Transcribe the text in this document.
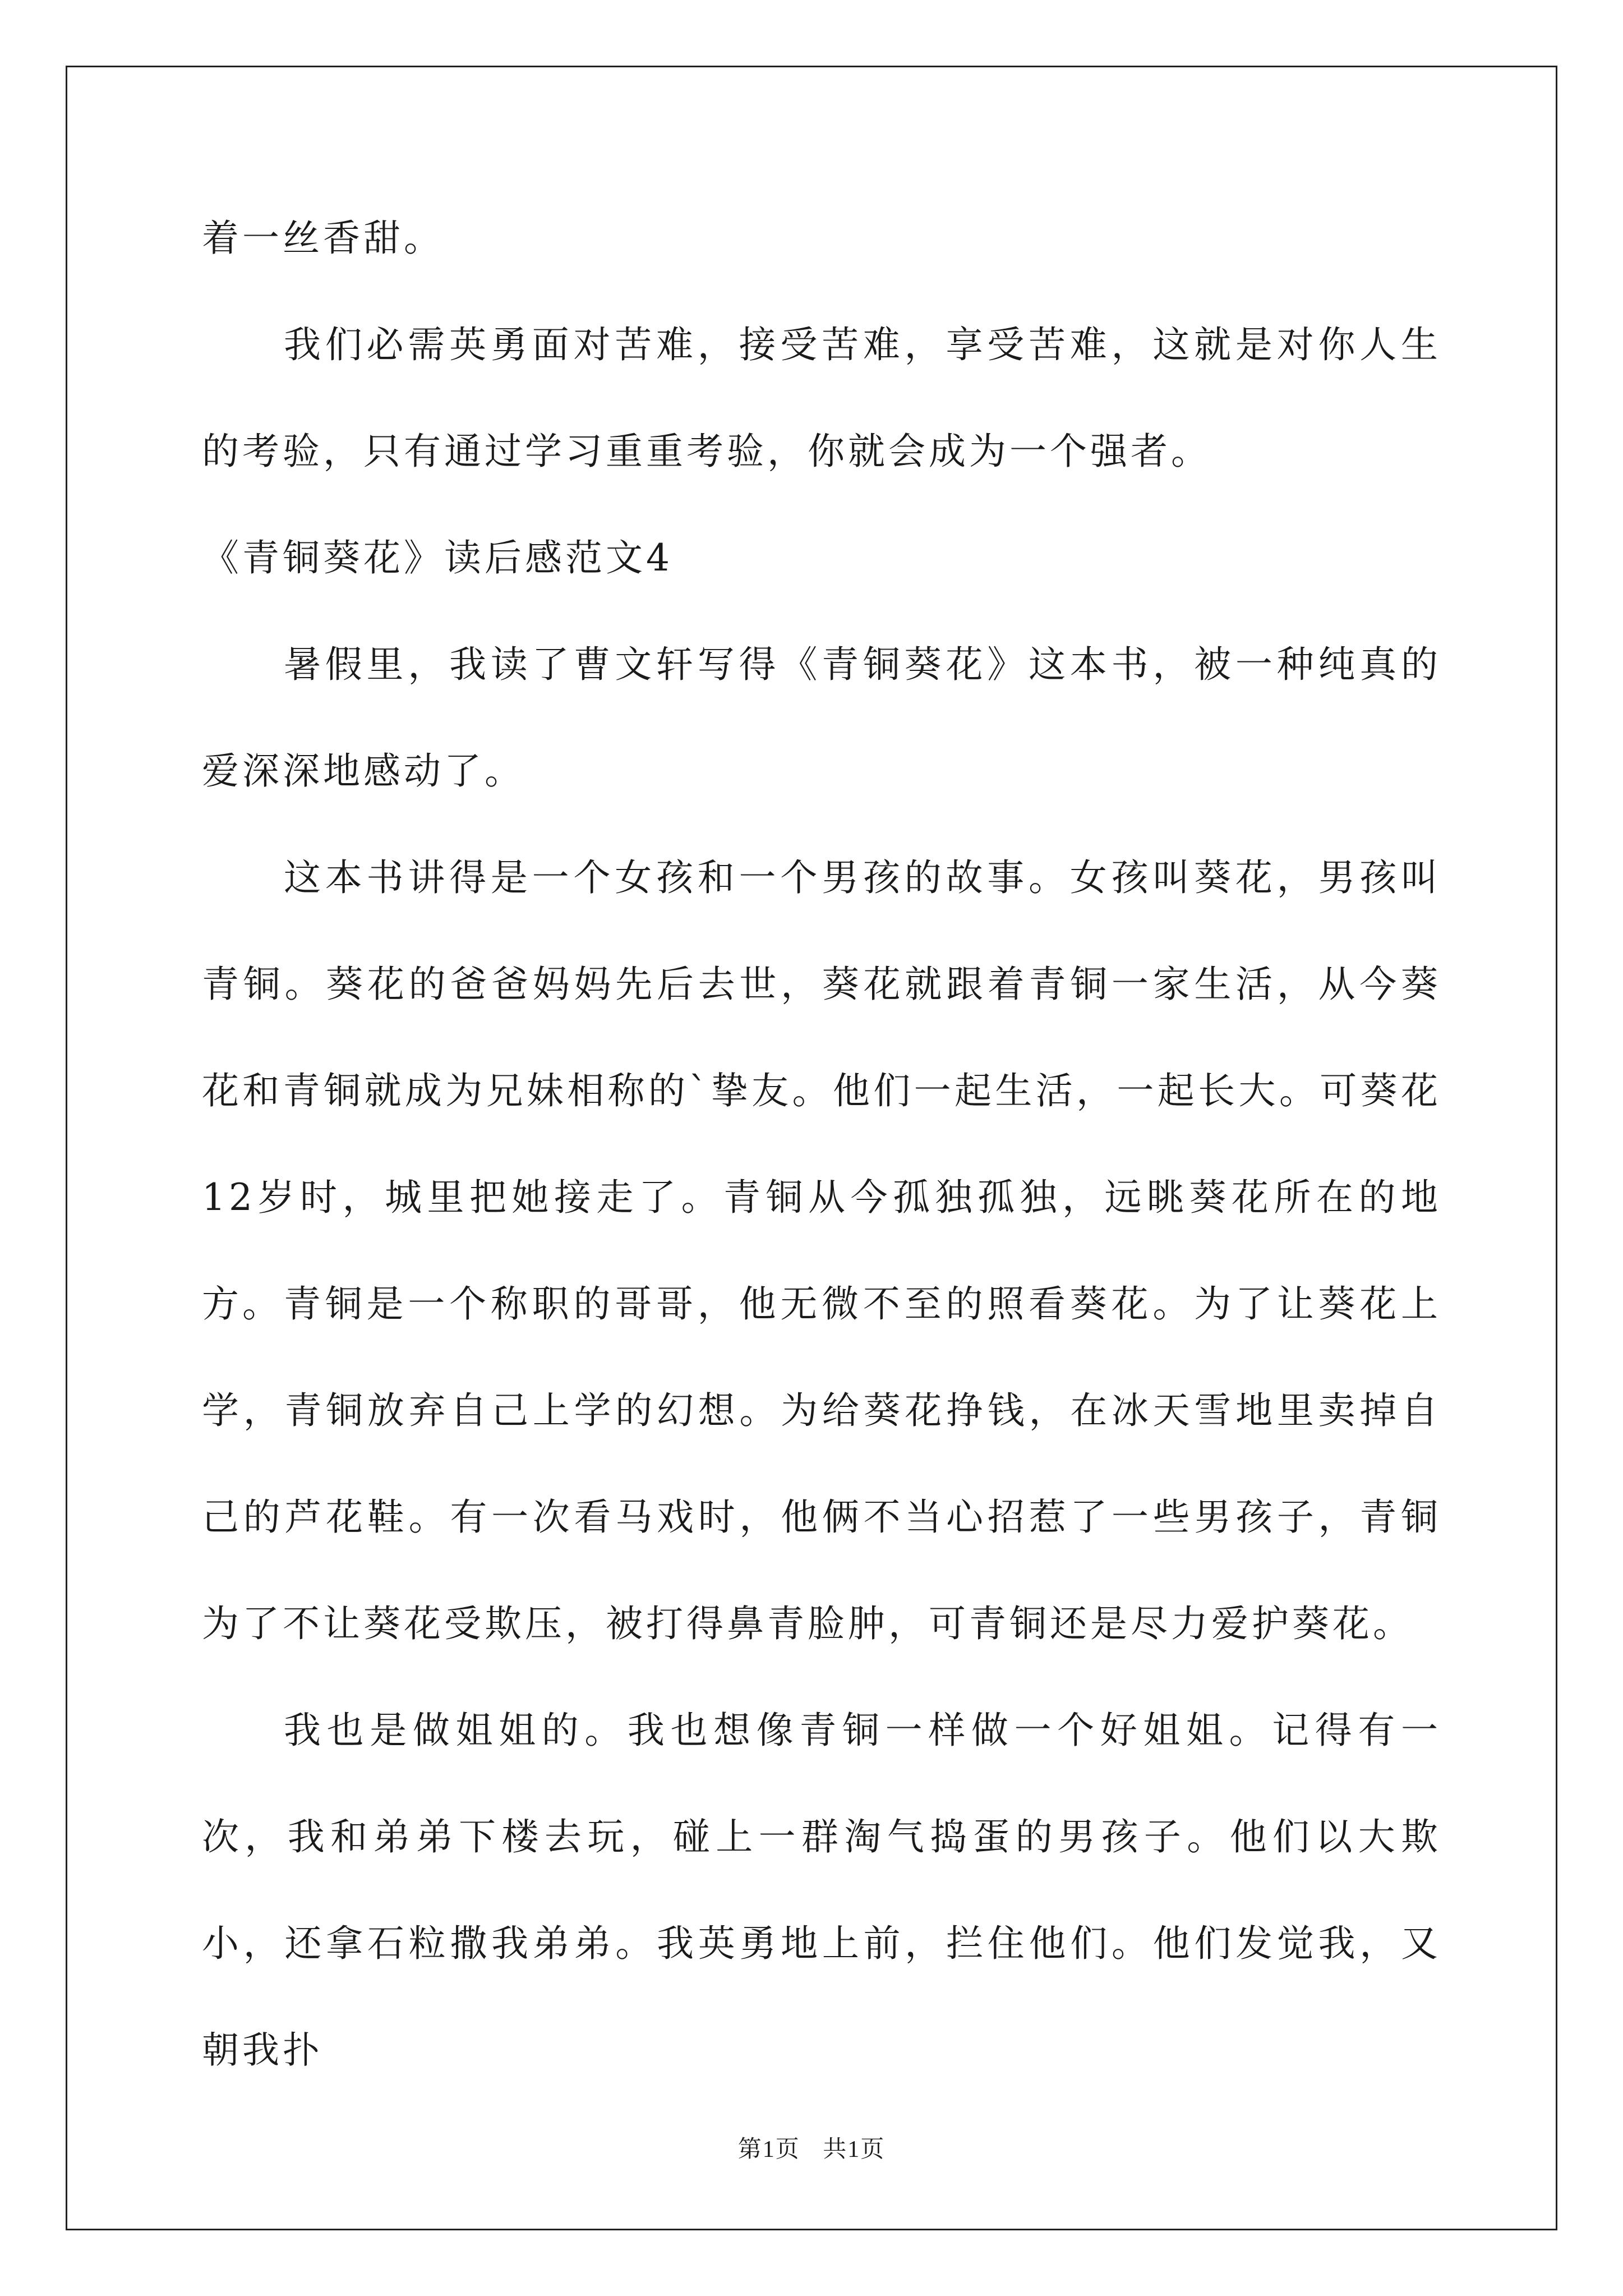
着一丝香甜。

我们必需英勇面对苦难，接受苦难，享受苦难，这就是对你人生的考验，只有通过学习重重考验，你就会成为一个强者。

《青铜葵花》读后感范文4

暑假里，我读了曹文轩写得《青铜葵花》这本书，被一种纯真的爱深深地感动了。

这本书讲得是一个女孩和一个男孩的故事。女孩叫葵花，男孩叫青铜。葵花的爸爸妈妈先后去世，葵花就跟着青铜一家生活，从今葵花和青铜就成为兄妹相称的`挚友。他们一起生活，一起长大。可葵花12岁时，城里把她接走了。青铜从今孤独孤独，远眺葵花所在的地方。 青铜是一个称职的哥哥，他无微不至的照看葵花。为了让葵花上学，青铜放弃自己上学的幻想。为给葵花挣钱，在冰天雪地里卖掉自己的芦花鞋。有一次看马戏时，他俩不当心招惹了一些男孩子，青铜为了不让葵花受欺压，被打得鼻青脸肿，可青铜还是尽力爱护葵花。

我也是做姐姐的。我也想像青铜一样做一个好姐姐。记得有一次，我和弟弟下楼去玩，碰上一群淘气捣蛋的男孩子。他们以大欺小，还拿石粒撒我弟弟。我英勇地上前，拦住他们。他们发觉我，又朝我扑

第1页 共1页
